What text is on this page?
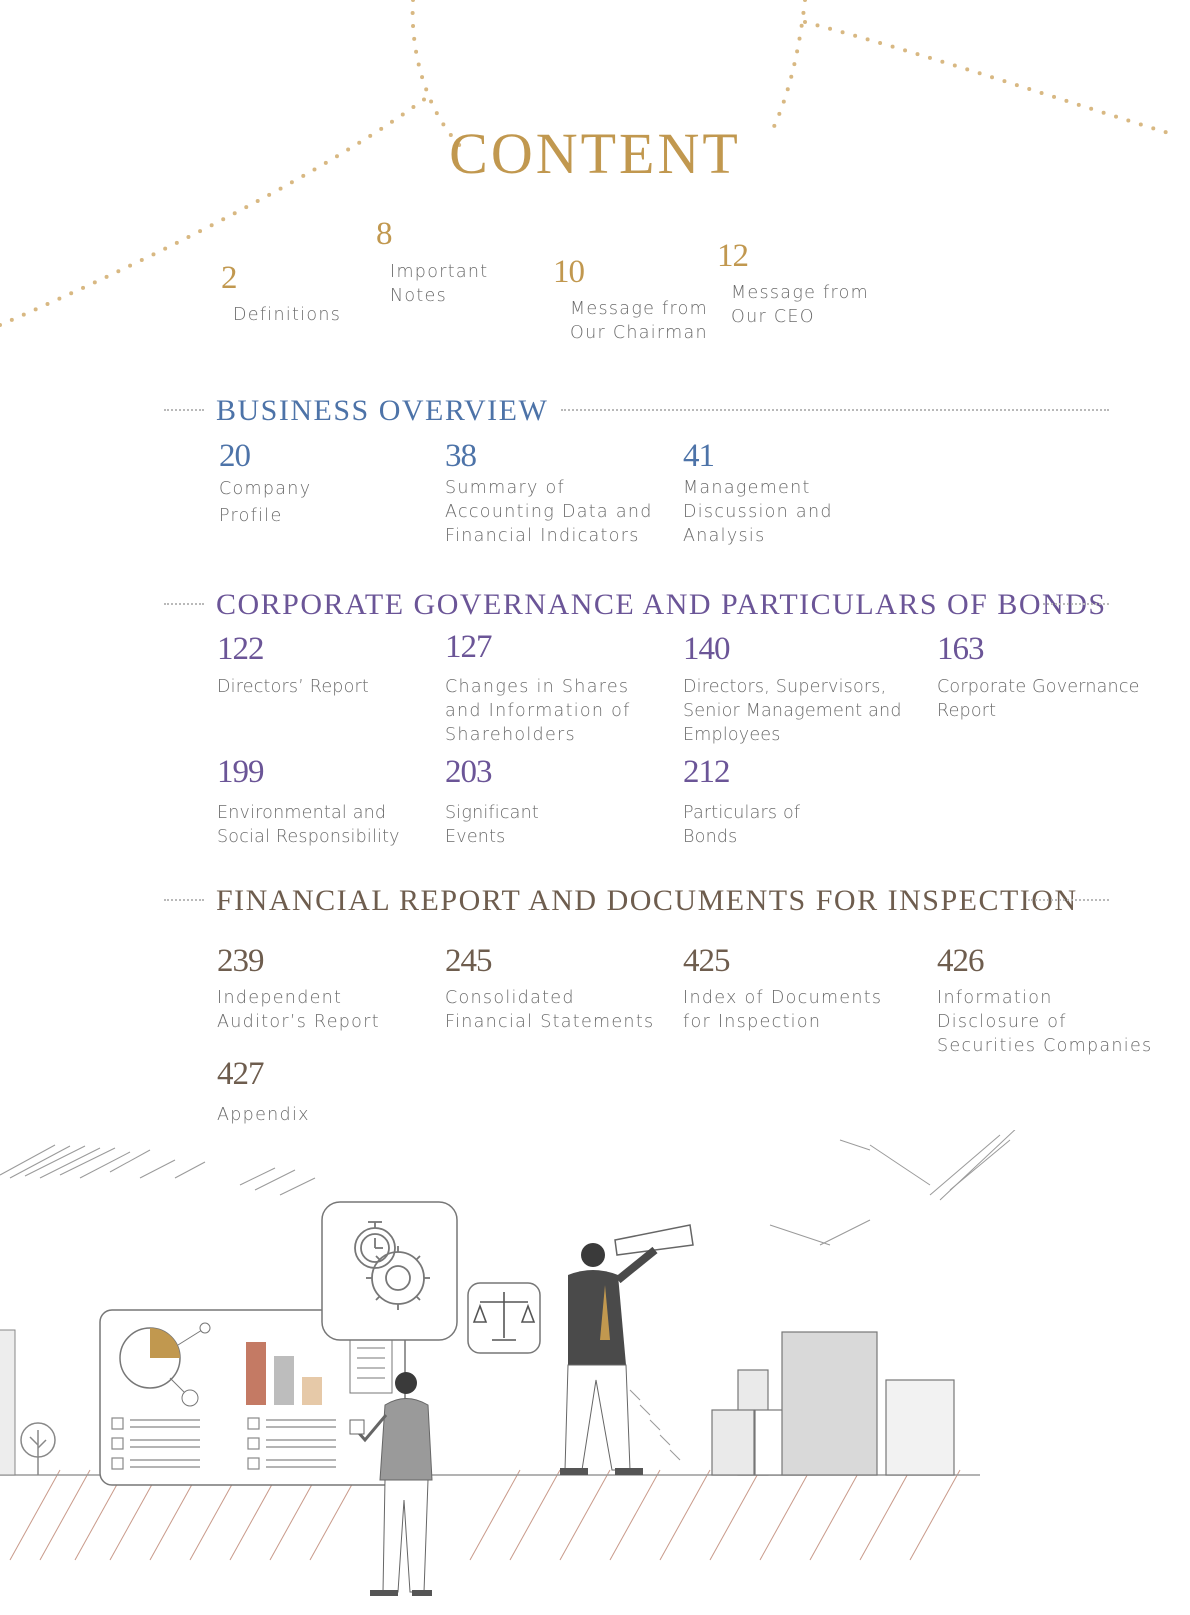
CONTENT
2
Definitions
8
Important
Notes
10
Message from
Our Chairman
12
Message from
Our CEO
BUSINESS OVERVIEW
20
Company
Profile
38
Summary of
Accounting Data and
Financial Indicators
41
Management
Discussion and
Analysis
CORPORATE GOVERNANCE AND PARTICULARS OF BONDS
122
Directors’ Report
127
Changes in Shares
and Information of
Shareholders
140
Directors, Supervisors,
Senior Management and
Employees
163
Corporate Governance
Report
199
Environmental and
Social Responsibility
203
Significant
Events
212
Particulars of
Bonds
FINANCIAL REPORT AND DOCUMENTS FOR INSPECTION
239
Independent
Auditor’s Report
245
Consolidated
Financial Statements
425
Index of Documents
for Inspection
426
Information
Disclosure of
Securities Companies
427
Appendix
